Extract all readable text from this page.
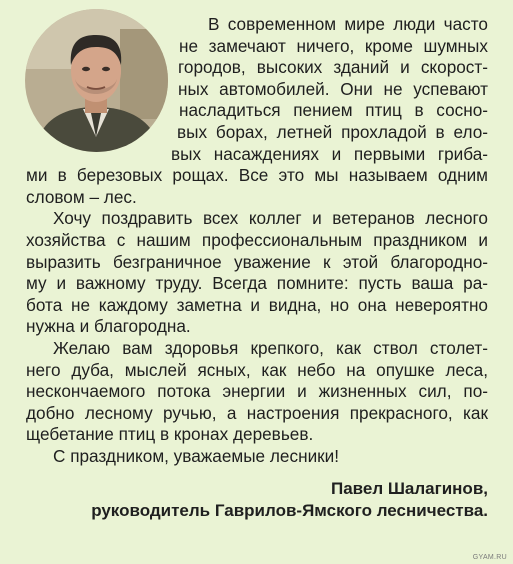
В современном мире люди часто
не замечают ничего, кроме шумных
городов, высоких зданий и скорост-
ных автомобилей. Они не успевают
насладиться пением птиц в сосно-
вых борах, летней прохладой в ело-
вых насаждениях и первыми гриба-
ми в березовых рощах. Все это мы называем одним
словом – лес.
Хочу поздравить всех коллег и ветеранов лесного
хозяйства с нашим профессиональным праздником и
выразить безграничное уважение к этой благородно-
му и важному труду. Всегда помните: пусть ваша ра-
бота не каждому заметна и видна, но она невероятно
нужна и благородна.
Желаю вам здоровья крепкого, как ствол столет-
него дуба, мыслей ясных, как небо на опушке леса,
нескончаемого потока энергии и жизненных сил, по-
добно лесному ручью, а настроения прекрасного, как
щебетание птиц в кронах деревьев.
С праздником, уважаемые лесники!
Павел Шалагинов,
руководитель Гаврилов-Ямского лесничества.
GYAM.RU
